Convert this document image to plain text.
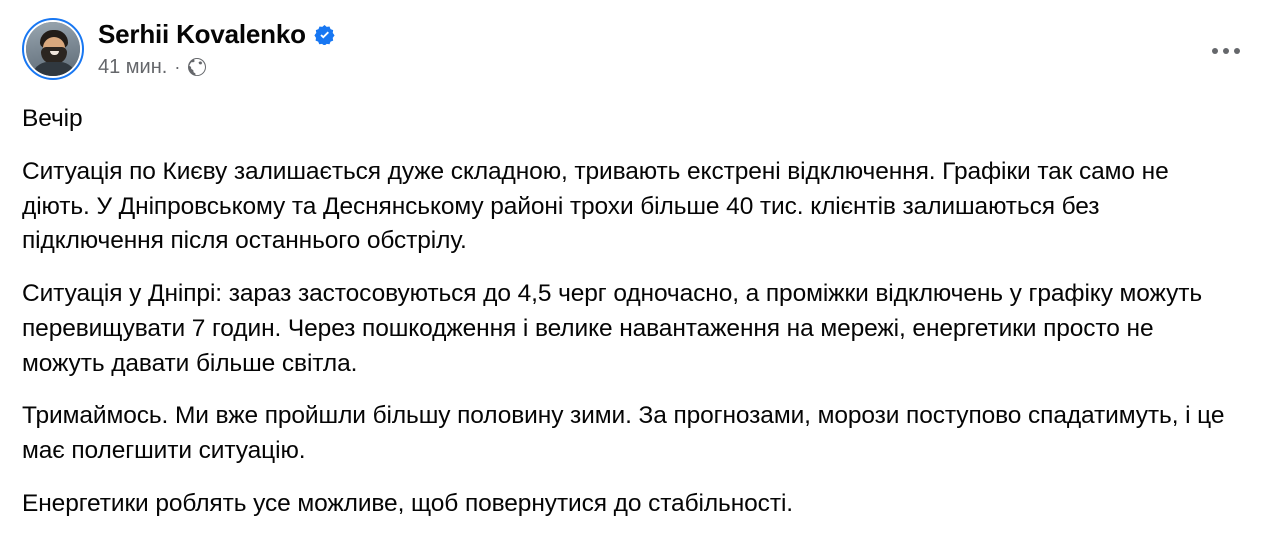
Serhii Kovalenko
41 мин. ·

Вечір

Ситуація по Києву залишається дуже складною, тривають екстрені відключення. Графіки так само не діють. У Дніпровському та Деснянському районі трохи більше 40 тис. клієнтів залишаються без підключення після останнього обстрілу.

Ситуація у Дніпрі: зараз застосовуються до 4,5 черг одночасно, а проміжки відключень у графіку можуть перевищувати 7 годин. Через пошкодження і велике навантаження на мережі, енергетики просто не можуть давати більше світла.

Тримаймось. Ми вже пройшли більшу половину зими. За прогнозами, морози поступово спадатимуть, і це має полегшити ситуацію.

Енергетики роблять усе можливе, щоб повернутися до стабільності.
